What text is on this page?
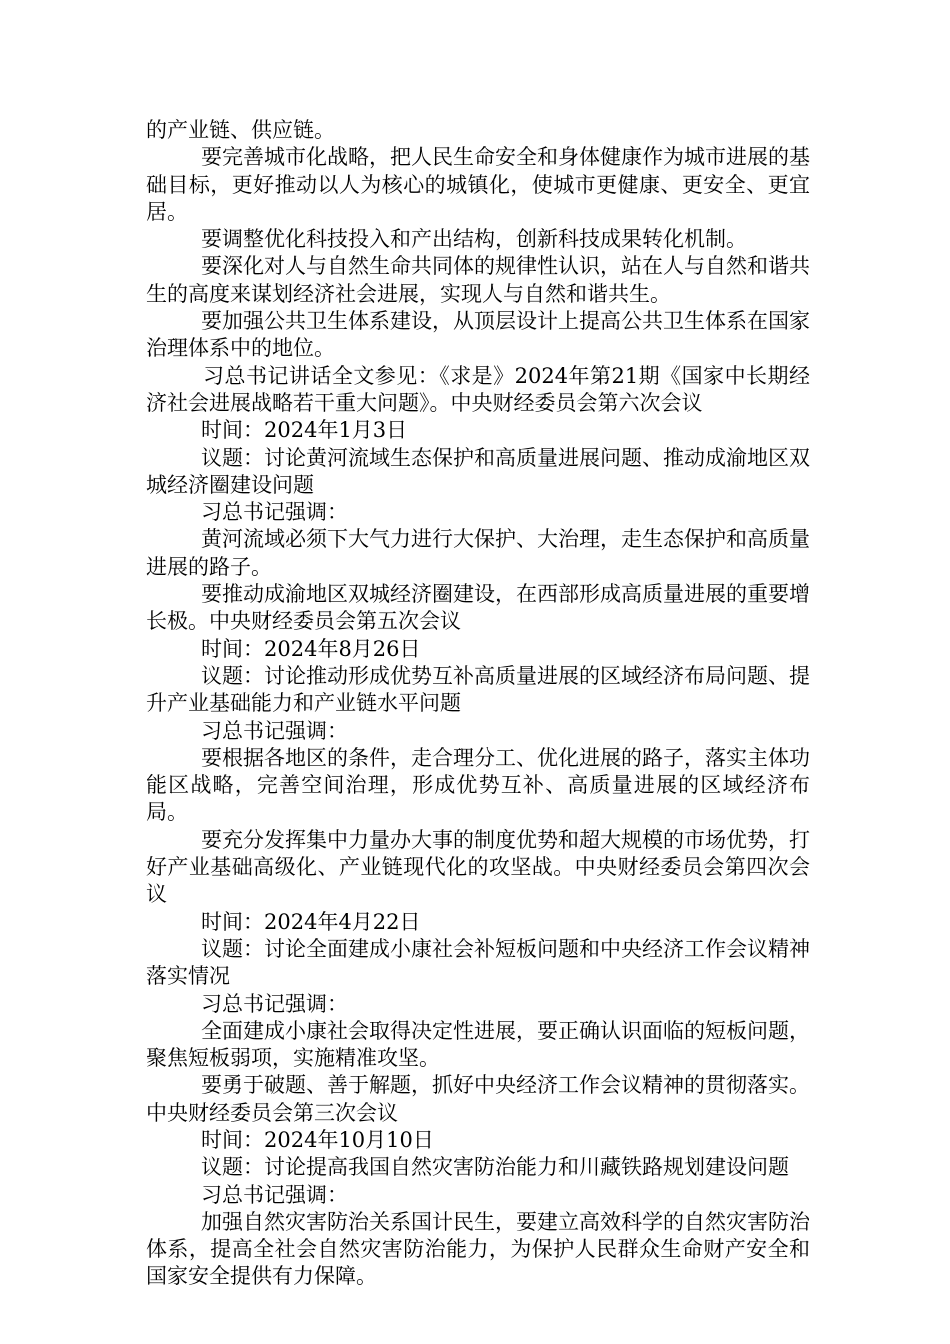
的产业链、供应链。

要完善城市化战略，把人民生命安全和身体健康作为城市进展的基础目标，更好推动以人为核心的城镇化，使城市更健康、更安全、更宜居。

要调整优化科技投入和产出结构，创新科技成果转化机制。

要深化对人与自然生命共同体的规律性认识，站在人与自然和谐共生的高度来谋划经济社会进展，实现人与自然和谐共生。

要加强公共卫生体系建设，从顶层设计上提高公共卫生体系在国家治理体系中的地位。

习总书记讲话全文参见：《求是》2024年第21期《国家中长期经济社会进展战略若干重大问题》。中央财经委员会第六次会议

时间：2024年1月3日

议题：讨论黄河流域生态保护和高质量进展问题、推动成渝地区双城经济圈建设问题

习总书记强调：

黄河流域必须下大气力进行大保护、大治理，走生态保护和高质量进展的路子。

要推动成渝地区双城经济圈建设，在西部形成高质量进展的重要增长极。中央财经委员会第五次会议

时间：2024年8月26日

议题：讨论推动形成优势互补高质量进展的区域经济布局问题、提升产业基础能力和产业链水平问题

习总书记强调：

要根据各地区的条件，走合理分工、优化进展的路子，落实主体功能区战略，完善空间治理，形成优势互补、高质量进展的区域经济布局。

要充分发挥集中力量办大事的制度优势和超大规模的市场优势，打好产业基础高级化、产业链现代化的攻坚战。中央财经委员会第四次会议

时间：2024年4月22日

议题：讨论全面建成小康社会补短板问题和中央经济工作会议精神落实情况

习总书记强调：

全面建成小康社会取得决定性进展，要正确认识面临的短板问题，聚焦短板弱项，实施精准攻坚。

要勇于破题、善于解题，抓好中央经济工作会议精神的贯彻落实。中央财经委员会第三次会议

时间：2024年10月10日

议题：讨论提高我国自然灾害防治能力和川藏铁路规划建设问题

习总书记强调：

加强自然灾害防治关系国计民生，要建立高效科学的自然灾害防治体系，提高全社会自然灾害防治能力，为保护人民群众生命财产安全和国家安全提供有力保障。
